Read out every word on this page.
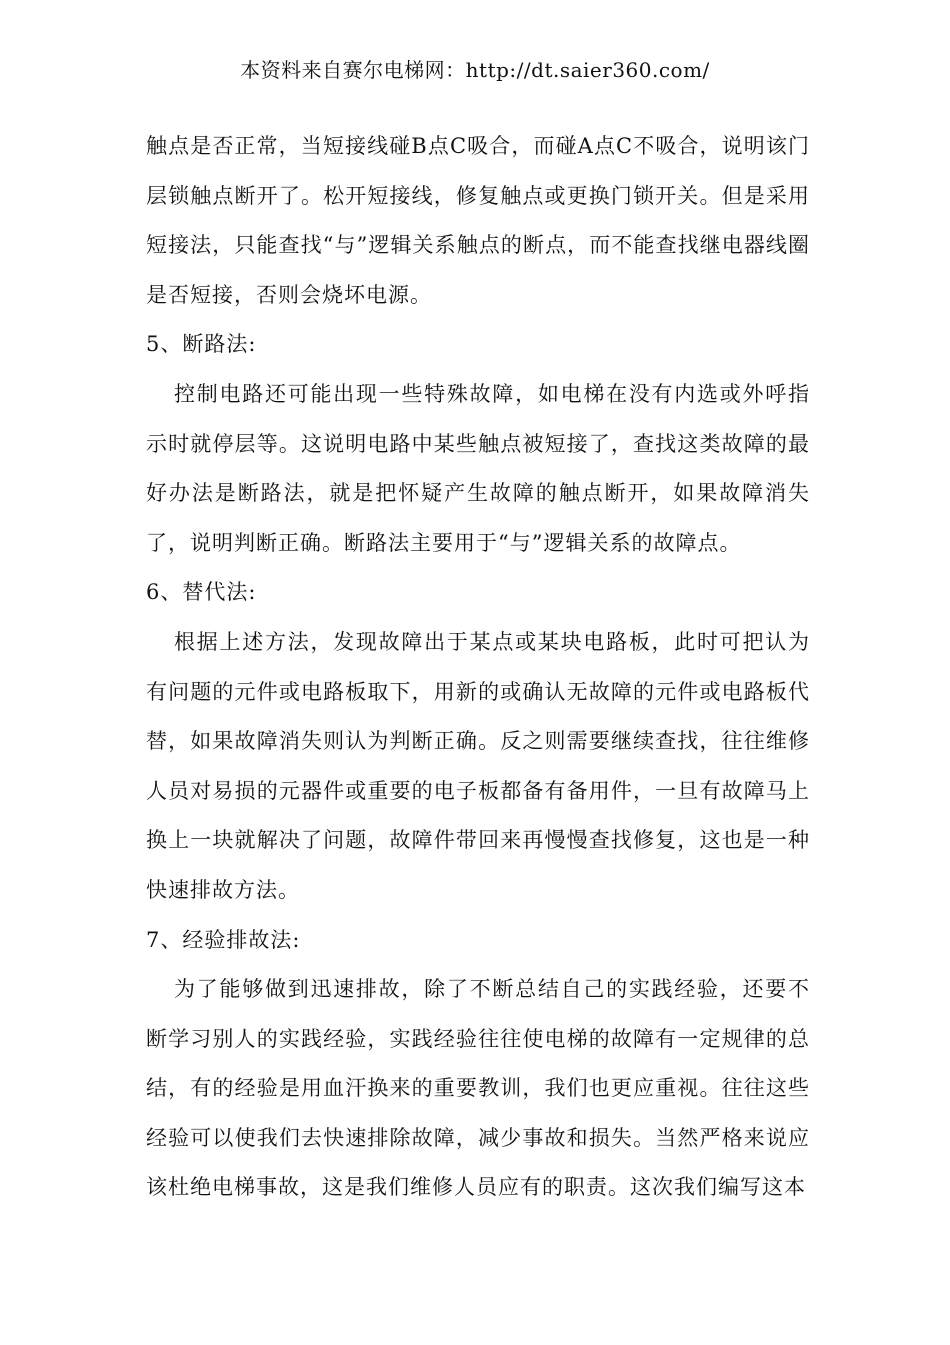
本资料来自赛尔电梯网：http://dt.saier360.com/

触点是否正常，当短接线碰B点C吸合，而碰A点C不吸合，说明该门层锁触点断开了。松开短接线，修复触点或更换门锁开关。但是采用短接法，只能查找“与”逻辑关系触点的断点，而不能查找继电器线圈是否短接，否则会烧坏电源。

5、断路法:

控制电路还可能出现一些特殊故障，如电梯在没有内选或外呼指示时就停层等。这说明电路中某些触点被短接了，查找这类故障的最好办法是断路法，就是把怀疑产生故障的触点断开，如果故障消失了，说明判断正确。断路法主要用于“与”逻辑关系的故障点。

6、替代法:

根据上述方法，发现故障出于某点或某块电路板，此时可把认为有问题的元件或电路板取下，用新的或确认无故障的元件或电路板代替，如果故障消失则认为判断正确。反之则需要继续查找，往往维修人员对易损的元器件或重要的电子板都备有备用件，一旦有故障马上换上一块就解决了问题，故障件带回来再慢慢查找修复，这也是一种快速排故方法。

7、经验排故法:

为了能够做到迅速排故，除了不断总结自己的实践经验，还要不断学习别人的实践经验，实践经验往往使电梯的故障有一定规律的总结，有的经验是用血汗换来的重要教训，我们也更应重视。往往这些经验可以使我们去快速排除故障，减少事故和损失。当然严格来说应该杜绝电梯事故，这是我们维修人员应有的职责。这次我们编写这本
